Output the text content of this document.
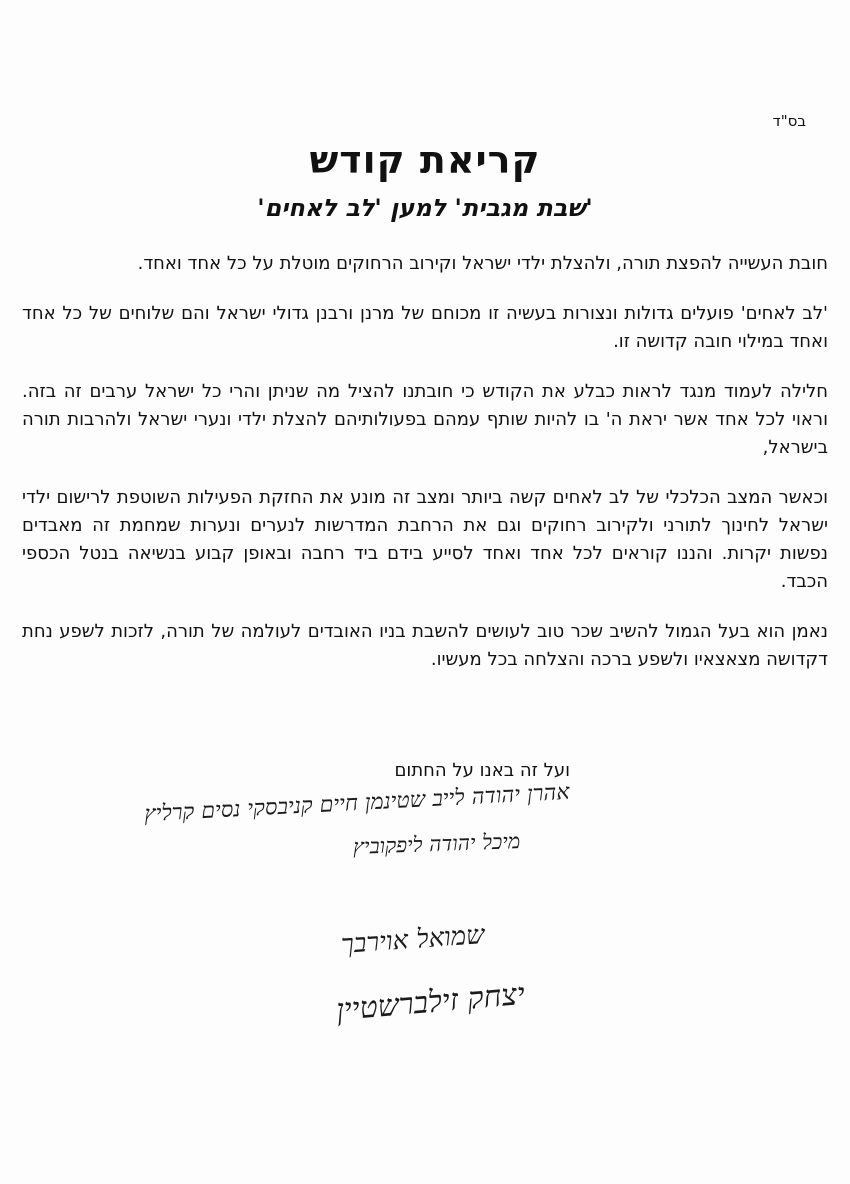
בס"ד
קריאת קודש
'שבת מגבית' למען 'לב לאחים'

חובת העשייה להפצת תורה, ולהצלת ילדי ישראל וקירוב הרחוקים מוטלת על כל אחד ואחד.

'לב לאחים' פועלים גדולות ונצורות בעשיה זו מכוחם של מרנן ורבנן גדולי ישראל והם שלוחים של כל אחד ואחד במילוי חובה קדושה זו.

חלילה לעמוד מנגד לראות כבלע את הקודש כי חובתנו להציל מה שניתן והרי כל ישראל ערבים זה בזה. וראוי לכל אחד אשר יראת ה' בו להיות שותף עמהם בפעולותיהם להצלת ילדי ונערי ישראל ולהרבות תורה בישראל,

וכאשר המצב הכלכלי של לב לאחים קשה ביותר ומצב זה מונע את החזקת הפעילות השוטפת לרישום ילדי ישראל לחינוך לתורני ולקירוב רחוקים וגם את הרחבת המדרשות לנערים ונערות שמחמת זה מאבדים נפשות יקרות. והננו קוראים לכל אחד ואחד לסייע בידם ביד רחבה ובאופן קבוע בנשיאה בנטל הכספי הכבד.

נאמן הוא בעל הגמול להשיב שכר טוב לעושים להשבת בניו האובדים לעולמה של תורה, לזכות לשפע נחת דקדושה מצאצאיו ולשפע ברכה והצלחה בכל מעשיו.

ועל זה באנו על החתום
אהרן יהודה לייב שטינמן חיים קניבסקי נסים קרליץ
מיכל יהודה ליפקוביץ
שמואל אוירבך
יצחק זילברשטיין
